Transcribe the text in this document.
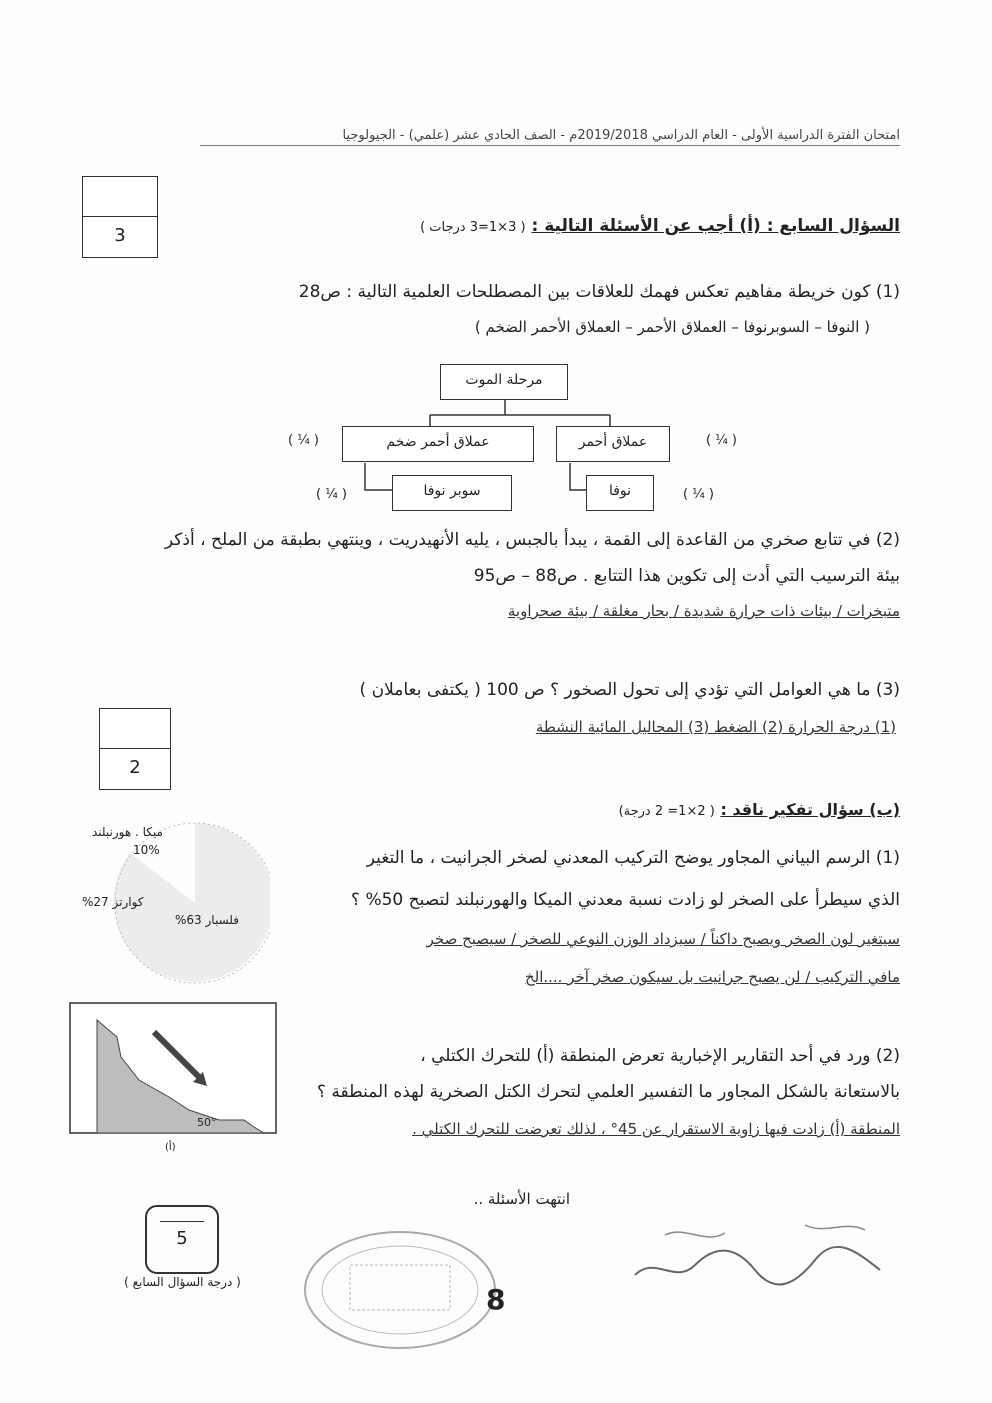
امتحان الفترة الدراسية الأولى - العام الدراسي 2019/2018م - الصف الحادي عشر (علمي) - الجيولوجيا
3	السؤال السابع : (أ) أجب عن الأسئلة التالية : ( 3×1=3 درجات )
(1) كون خريطة مفاهيم تعكس فهمك للعلاقات بين المصطلحات العلمية التالية : ص28
( النوفا – السوبرنوفا – العملاق الأحمر – العملاق الأحمر الضخم )
مرحلة الموت
عملاق أحمر ضخم	عملاق أحمر
سوبر نوفا	نوفا
( ¼ )	( ¼ )
( ¼ )	( ¼ )
(2) في تتابع صخري من القاعدة إلى القمة ، يبدأ بالجبس ، يليه الأنهيدريت ، وينتهي بطبقة من الملح ، أذكر
بيئة الترسيب التي أدت إلى تكوين هذا التتابع . ص88 – ص95
متبخرات / بيئات ذات حرارة شديدة / بحار مغلقة / بيئة صحراوية
(3) ما هي العوامل التي تؤدي إلى تحول الصخور ؟ ص 100 ( يكتفى بعاملان )
(1) درجة الحرارة (2) الضغط (3) المحاليل المائية النشطة
2
(ب) سؤال تفكير ناقد : ( 2×1= 2 درجة)
ميكا . هورنبلند
10%
كوارتز 27%
فلسبار 63%
(1) الرسم البياني المجاور يوضح التركيب المعدني لصخر الجرانيت ، ما التغير
الذي سيطرأ على الصخر لو زادت نسبة معدني الميكا والهورنبلند لتصبح 50% ؟
سيتغير لون الصخر ويصبح داكناً / سيزداد الوزن النوعي للصخر / سيصبح صخر
مافي التركيب / لن يصبح جرانيت بل سيكون صخر آخر ....الخ
50°
(أ)
(2) ورد في أحد التقارير الإخبارية تعرض المنطقة (أ) للتحرك الكتلي ،
بالاستعانة بالشكل المجاور ما التفسير العلمي لتحرك الكتل الصخرية لهذه المنطقة ؟
المنطقة (أ) زادت فيها زاوية الاستقرار عن 45° ، لذلك تعرضت للتحرك الكتلي .
انتهت الأسئلة ..
5
( درجة السؤال السابع )
8
